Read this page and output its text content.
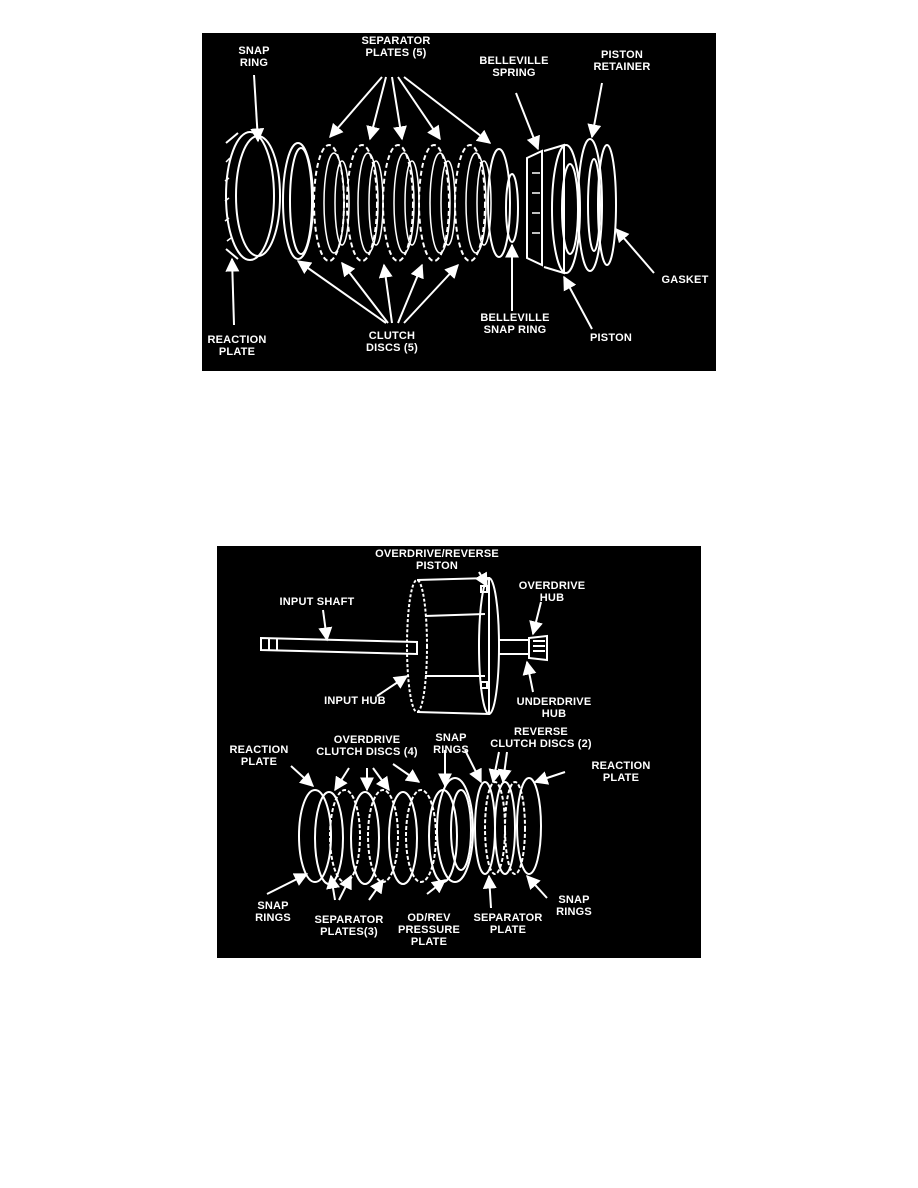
SNAP
RING
SEPARATOR
PLATES (5)
BELLEVILLE
SPRING
PISTON
RETAINER
GASKET
REACTION
PLATE
CLUTCH
DISCS (5)
BELLEVILLE
SNAP RING
PISTON
OVERDRIVE/REVERSE
PISTON
OVERDRIVE
HUB
INPUT SHAFT
INPUT HUB	UNDERDRIVE
HUB
REACTION
PLATE
OVERDRIVE
CLUTCH DISCS (4)
SNAP
RINGS
REVERSE
CLUTCH DISCS (2)
REACTION
PLATE
SNAP
RINGS	SEPARATOR
PLATES(3)
OD/REV
PRESSURE
PLATE
SEPARATOR
PLATE
SNAP
RINGS
